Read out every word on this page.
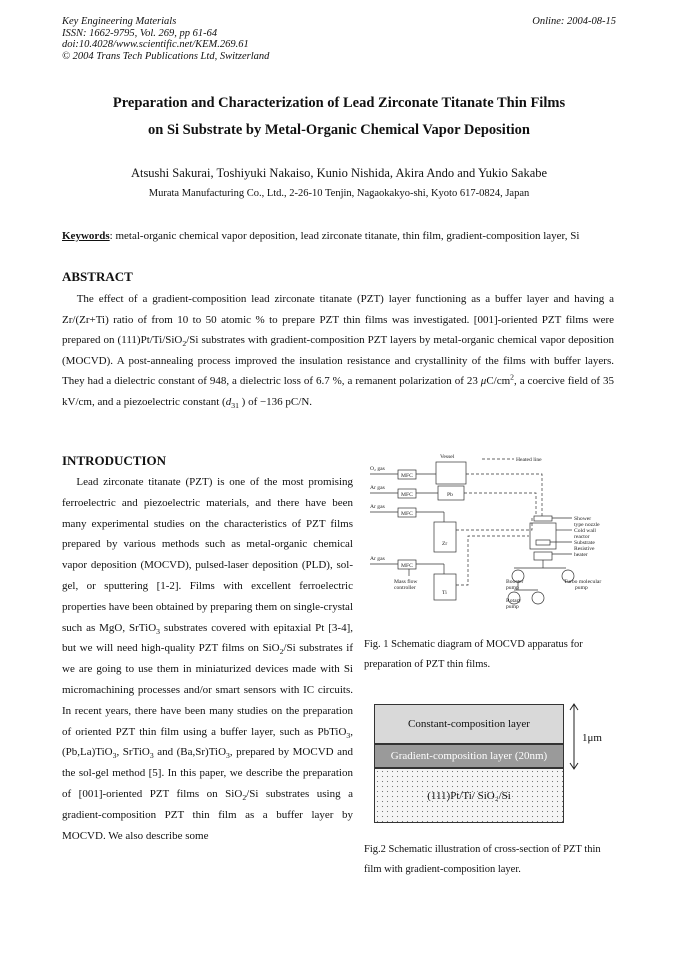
Key Engineering Materials
ISSN: 1662-9795, Vol. 269, pp 61-64
doi:10.4028/www.scientific.net/KEM.269.61
© 2004 Trans Tech Publications Ltd, Switzerland
Online: 2004-08-15
Preparation and Characterization of Lead Zirconate Titanate Thin Films
on Si Substrate by Metal-Organic Chemical Vapor Deposition
Atsushi Sakurai, Toshiyuki Nakaiso, Kunio Nishida, Akira Ando and Yukio Sakabe
Murata Manufacturing Co., Ltd., 2-26-10 Tenjin, Nagaokakyo-shi, Kyoto 617-0824, Japan
Keywords: metal-organic chemical vapor deposition, lead zirconate titanate, thin film, gradient-composition layer, Si
ABSTRACT
The effect of a gradient-composition lead zirconate titanate (PZT) layer functioning as a buffer layer and having a Zr/(Zr+Ti) ratio of from 10 to 50 atomic % to prepare PZT thin films was investigated. [001]-oriented PZT films were prepared on (111)Pt/Ti/SiO$_2$/Si substrates with gradient-composition PZT layers by metal-organic chemical vapor deposition (MOCVD). A post-annealing process improved the insulation resistance and crystallinity of the films with buffer layers. They had a dielectric constant of 948, a dielectric loss of 6.7 %, a remanent polarization of 23 $\mu C/cm^2$, a coercive field of 35 kV/cm, and a piezoelectric constant ($d_{31}$ ) of −136 pC/N.
INTRODUCTION
Lead zirconate titanate (PZT) is one of the most promising ferroelectric and piezoelectric materials, and there have been many experimental studies on the characteristics of PZT films prepared by various methods such as metal-organic chemical vapor deposition (MOCVD), pulsed-laser deposition (PLD), sol-gel, or sputtering [1-2]. Films with excellent ferroelectric properties have been obtained by preparing them on single-crystal such as MgO, SrTiO$_3$ substrates covered with epitaxial Pt [3-4], but we will need high-quality PZT films on SiO$_2$/Si substrates if we are going to use them in miniaturized devices made with Si micromachining processes and/or smart sensors with IC circuits. In recent years, there have been many studies on the preparation of oriented PZT thin film using a buffer layer, such as PbTiO$_3$, (Pb,La)TiO$_3$, SrTiO$_3$ and (Ba,Sr)TiO$_3$, prepared by MOCVD and the sol-gel method [5]. In this paper, we describe the preparation of [001]-oriented PZT films on SiO$_2$/Si substrates using a gradient-composition PZT thin film as a buffer layer by MOCVD. We also describe some
Vessel	Heated line
O₂ gas
Ar gas
Ar gas
Ar gas
MFC
MFC
MFC
MFC
Pb
Zr
Ti
Shower
type nozzle
Cold wall
reactor
Substrate
Resistive
heater
Mass flow
controller
Booster
pump
Turbo molecular
pump
Rotary
pump
Fig. 1 Schematic diagram of MOCVD apparatus for preparation of PZT thin films.
Constant-composition layer
Gradient-composition layer (20nm)
(111)Pt/Ti/ SiO₂/Si
1μm
Fig.2 Schematic illustration of cross-section of PZT thin film with gradient-composition layer.
